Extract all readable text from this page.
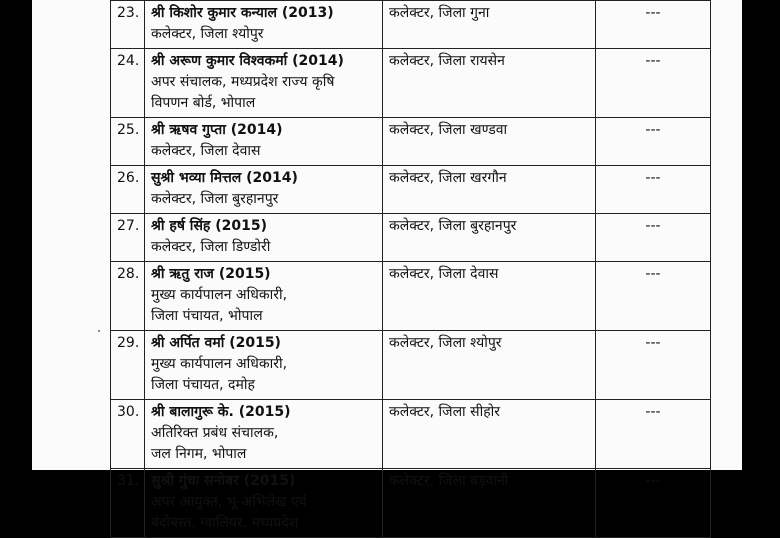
23.	श्री किशोर कुमार कन्याल (2013)
कलेक्टर, जिला श्योपुर	कलेक्टर, जिला गुना	---
24.	श्री अरूण कुमार विश्वकर्मा (2014)
अपर संचालक, मध्यप्रदेश राज्य कृषि
विपणन बोर्ड, भोपाल	कलेक्टर, जिला रायसेन	---
25.	श्री ऋषव गुप्ता (2014)
कलेक्टर, जिला देवास	कलेक्टर, जिला खण्डवा	---
26.	सुश्री भव्या मित्तल (2014)
कलेक्टर, जिला बुरहानपुर	कलेक्टर, जिला खरगौन	---
27.	श्री हर्ष सिंह (2015)
कलेक्टर, जिला डिण्डोरी	कलेक्टर, जिला बुरहानपुर	---
28.	श्री ऋतु राज (2015)
मुख्य कार्यपालन अधिकारी,
जिला पंचायत, भोपाल	कलेक्टर, जिला देवास	---
29.	श्री अर्पित वर्मा (2015)
मुख्य कार्यपालन अधिकारी,
जिला पंचायत, दमोह	कलेक्टर, जिला श्योपुर	---
30.	श्री बालागुरू के. (2015)
अतिरिक्त प्रबंध संचालक,
जल निगम, भोपाल	कलेक्टर, जिला सीहोर	---
31.	सुश्री गुंचा सनोबर (2015)
अपर आयुक्त, भू-अभिलेख एवं
बंदोबस्त, ग्वालियर, मध्यप्रदेश	कलेक्टर, जिला बड़वानी	---
